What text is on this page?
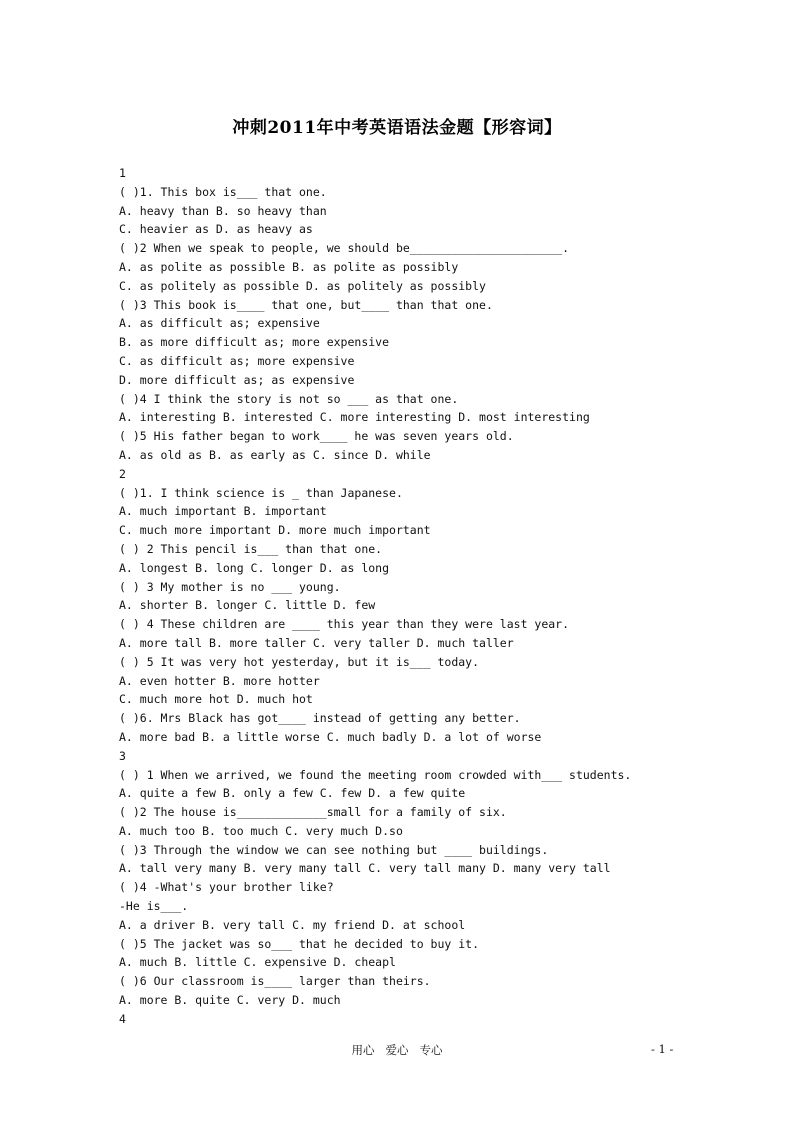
冲刺2011年中考英语语法金题【形容词】
1
( )1. This box is___ that one.
A. heavy than B. so heavy than
C. heavier as D. as heavy as
( )2 When we speak to people, we should be______________________.
A. as polite as possible B. as polite as possibly
C. as politely as possible D. as politely as possibly
( )3 This book is____ that one, but____ than that one.
A. as difficult as; expensive
B. as more difficult as; more expensive
C. as difficult as; more expensive
D. more difficult as; as expensive
( )4 I think the story is not so ___ as that one.
A. interesting B. interested C. more interesting D. most interesting
( )5 His father began to work____ he was seven years old.
A. as old as B. as early as C. since D. while
2
( )1. I think science is _ than Japanese.
A. much important B. important
C. much more important D. more much important
( ) 2 This pencil is___ than that one.
A. longest B. long C. longer D. as long
( ) 3 My mother is no ___ young.
A. shorter B. longer C. little D. few
( ) 4 These children are ____ this year than they were last year.
A. more tall B. more taller C. very taller D. much taller
( ) 5 It was very hot yesterday, but it is___ today.
A. even hotter B. more hotter
C. much more hot D. much hot
( )6. Mrs Black has got____ instead of getting any better.
A. more bad B. a little worse C. much badly D. a lot of worse
3
( ) 1 When we arrived, we found the meeting room crowded with___ students.
A. quite a few B. only a few C. few D. a few quite
( )2 The house is_____________small for a family of six.
A. much too B. too much C. very much D.so
( )3 Through the window we can see nothing but ____ buildings.
A. tall very many B. very many tall C. very tall many D. many very tall
( )4 -What's your brother like?
-He is___.
A. a driver B. very tall C. my friend D. at school
( )5 The jacket was so___ that he decided to buy it.
A. much B. little C. expensive D. cheapl
( )6 Our classroom is____ larger than theirs.
A. more B. quite C. very D. much
4
用心   爱心   专心	- 1 -
